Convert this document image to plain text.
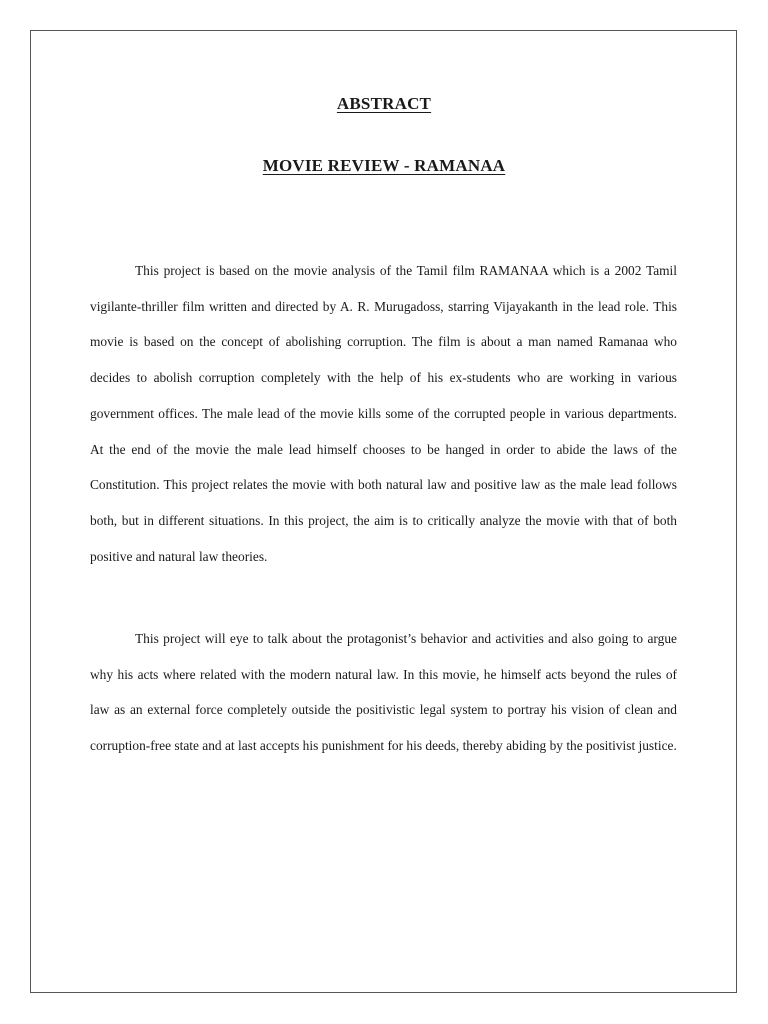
ABSTRACT
MOVIE REVIEW - RAMANAA

This project is based on the movie analysis of the Tamil film RAMANAA which is a 2002 Tamil vigilante-thriller film written and directed by A. R. Murugadoss, starring Vijayakanth in the lead role. This movie is based on the concept of abolishing corruption. The film is about a man named Ramanaa who decides to abolish corruption completely with the help of his ex-students who are working in various government offices. The male lead of the movie kills some of the corrupted people in various departments. At the end of the movie the male lead himself chooses to be hanged in order to abide the laws of the Constitution. This project relates the movie with both natural law and positive law as the male lead follows both, but in different situations. In this project, the aim is to critically analyze the movie with that of both positive and natural law theories.

This project will eye to talk about the protagonist’s behavior and activities and also going to argue why his acts where related with the modern natural law. In this movie, he himself acts beyond the rules of law as an external force completely outside the positivistic legal system to portray his vision of clean and corruption-free state and at last accepts his punishment for his deeds, thereby abiding by the positivist justice.
